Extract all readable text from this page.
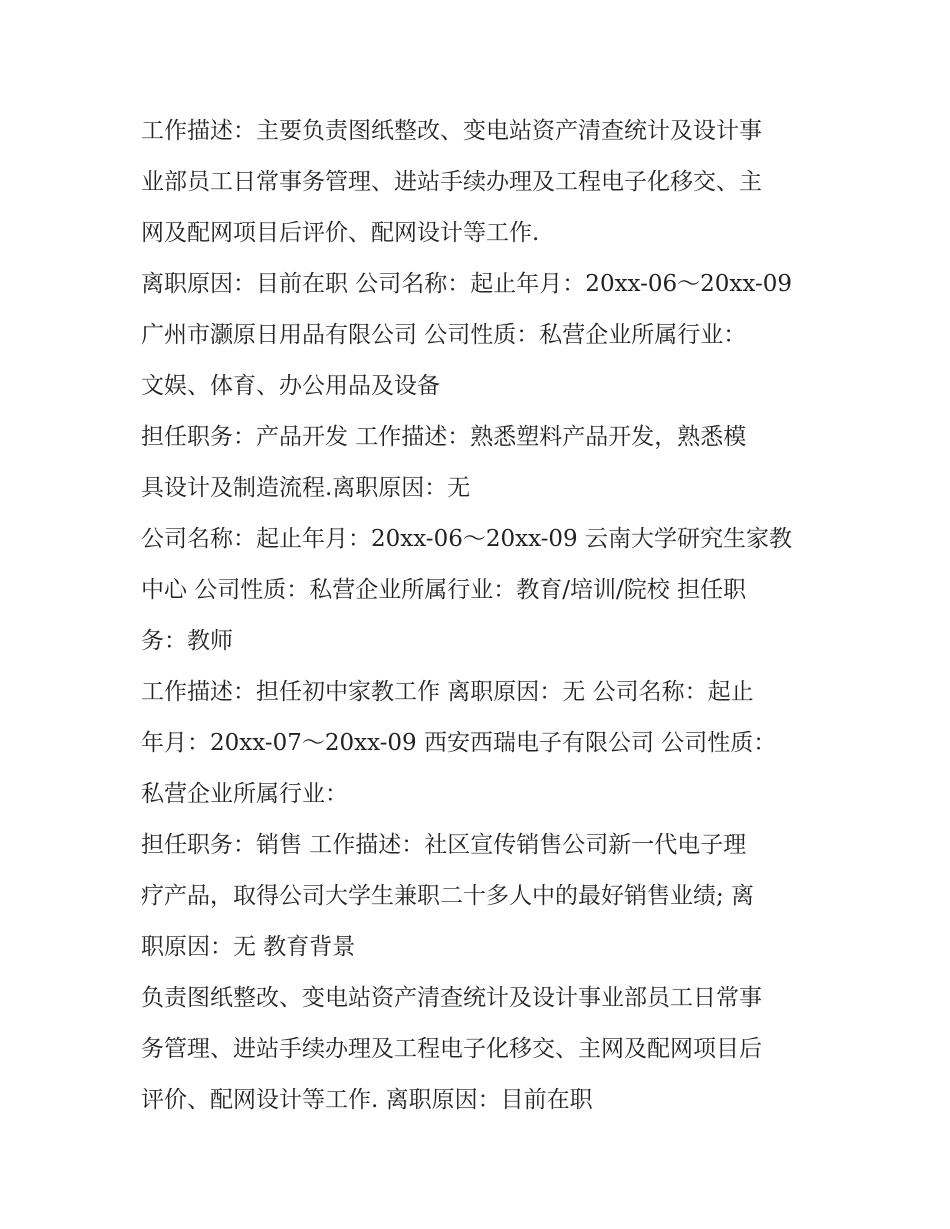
工作描述：主要负责图纸整改、变电站资产清查统计及设计事
业部员工日常事务管理、进站手续办理及工程电子化移交、主
网及配网项目后评价、配网设计等工作.
离职原因：目前在职 公司名称：起止年月：20xx-06～20xx-09
广州市灏原日用品有限公司 公司性质：私营企业所属行业：
文娱、体育、办公用品及设备
担任职务：产品开发 工作描述：熟悉塑料产品开发，熟悉模
具设计及制造流程.离职原因：无
公司名称：起止年月：20xx-06～20xx-09 云南大学研究生家教
中心 公司性质：私营企业所属行业：教育/培训/院校 担任职
务：教师
工作描述：担任初中家教工作 离职原因：无 公司名称：起止
年月：20xx-07～20xx-09 西安西瑞电子有限公司 公司性质：
私营企业所属行业：
担任职务：销售 工作描述：社区宣传销售公司新一代电子理
疗产品，取得公司大学生兼职二十多人中的最好销售业绩; 离
职原因：无 教育背景
负责图纸整改、变电站资产清查统计及设计事业部员工日常事
务管理、进站手续办理及工程电子化移交、主网及配网项目后
评价、配网设计等工作. 离职原因：目前在职
